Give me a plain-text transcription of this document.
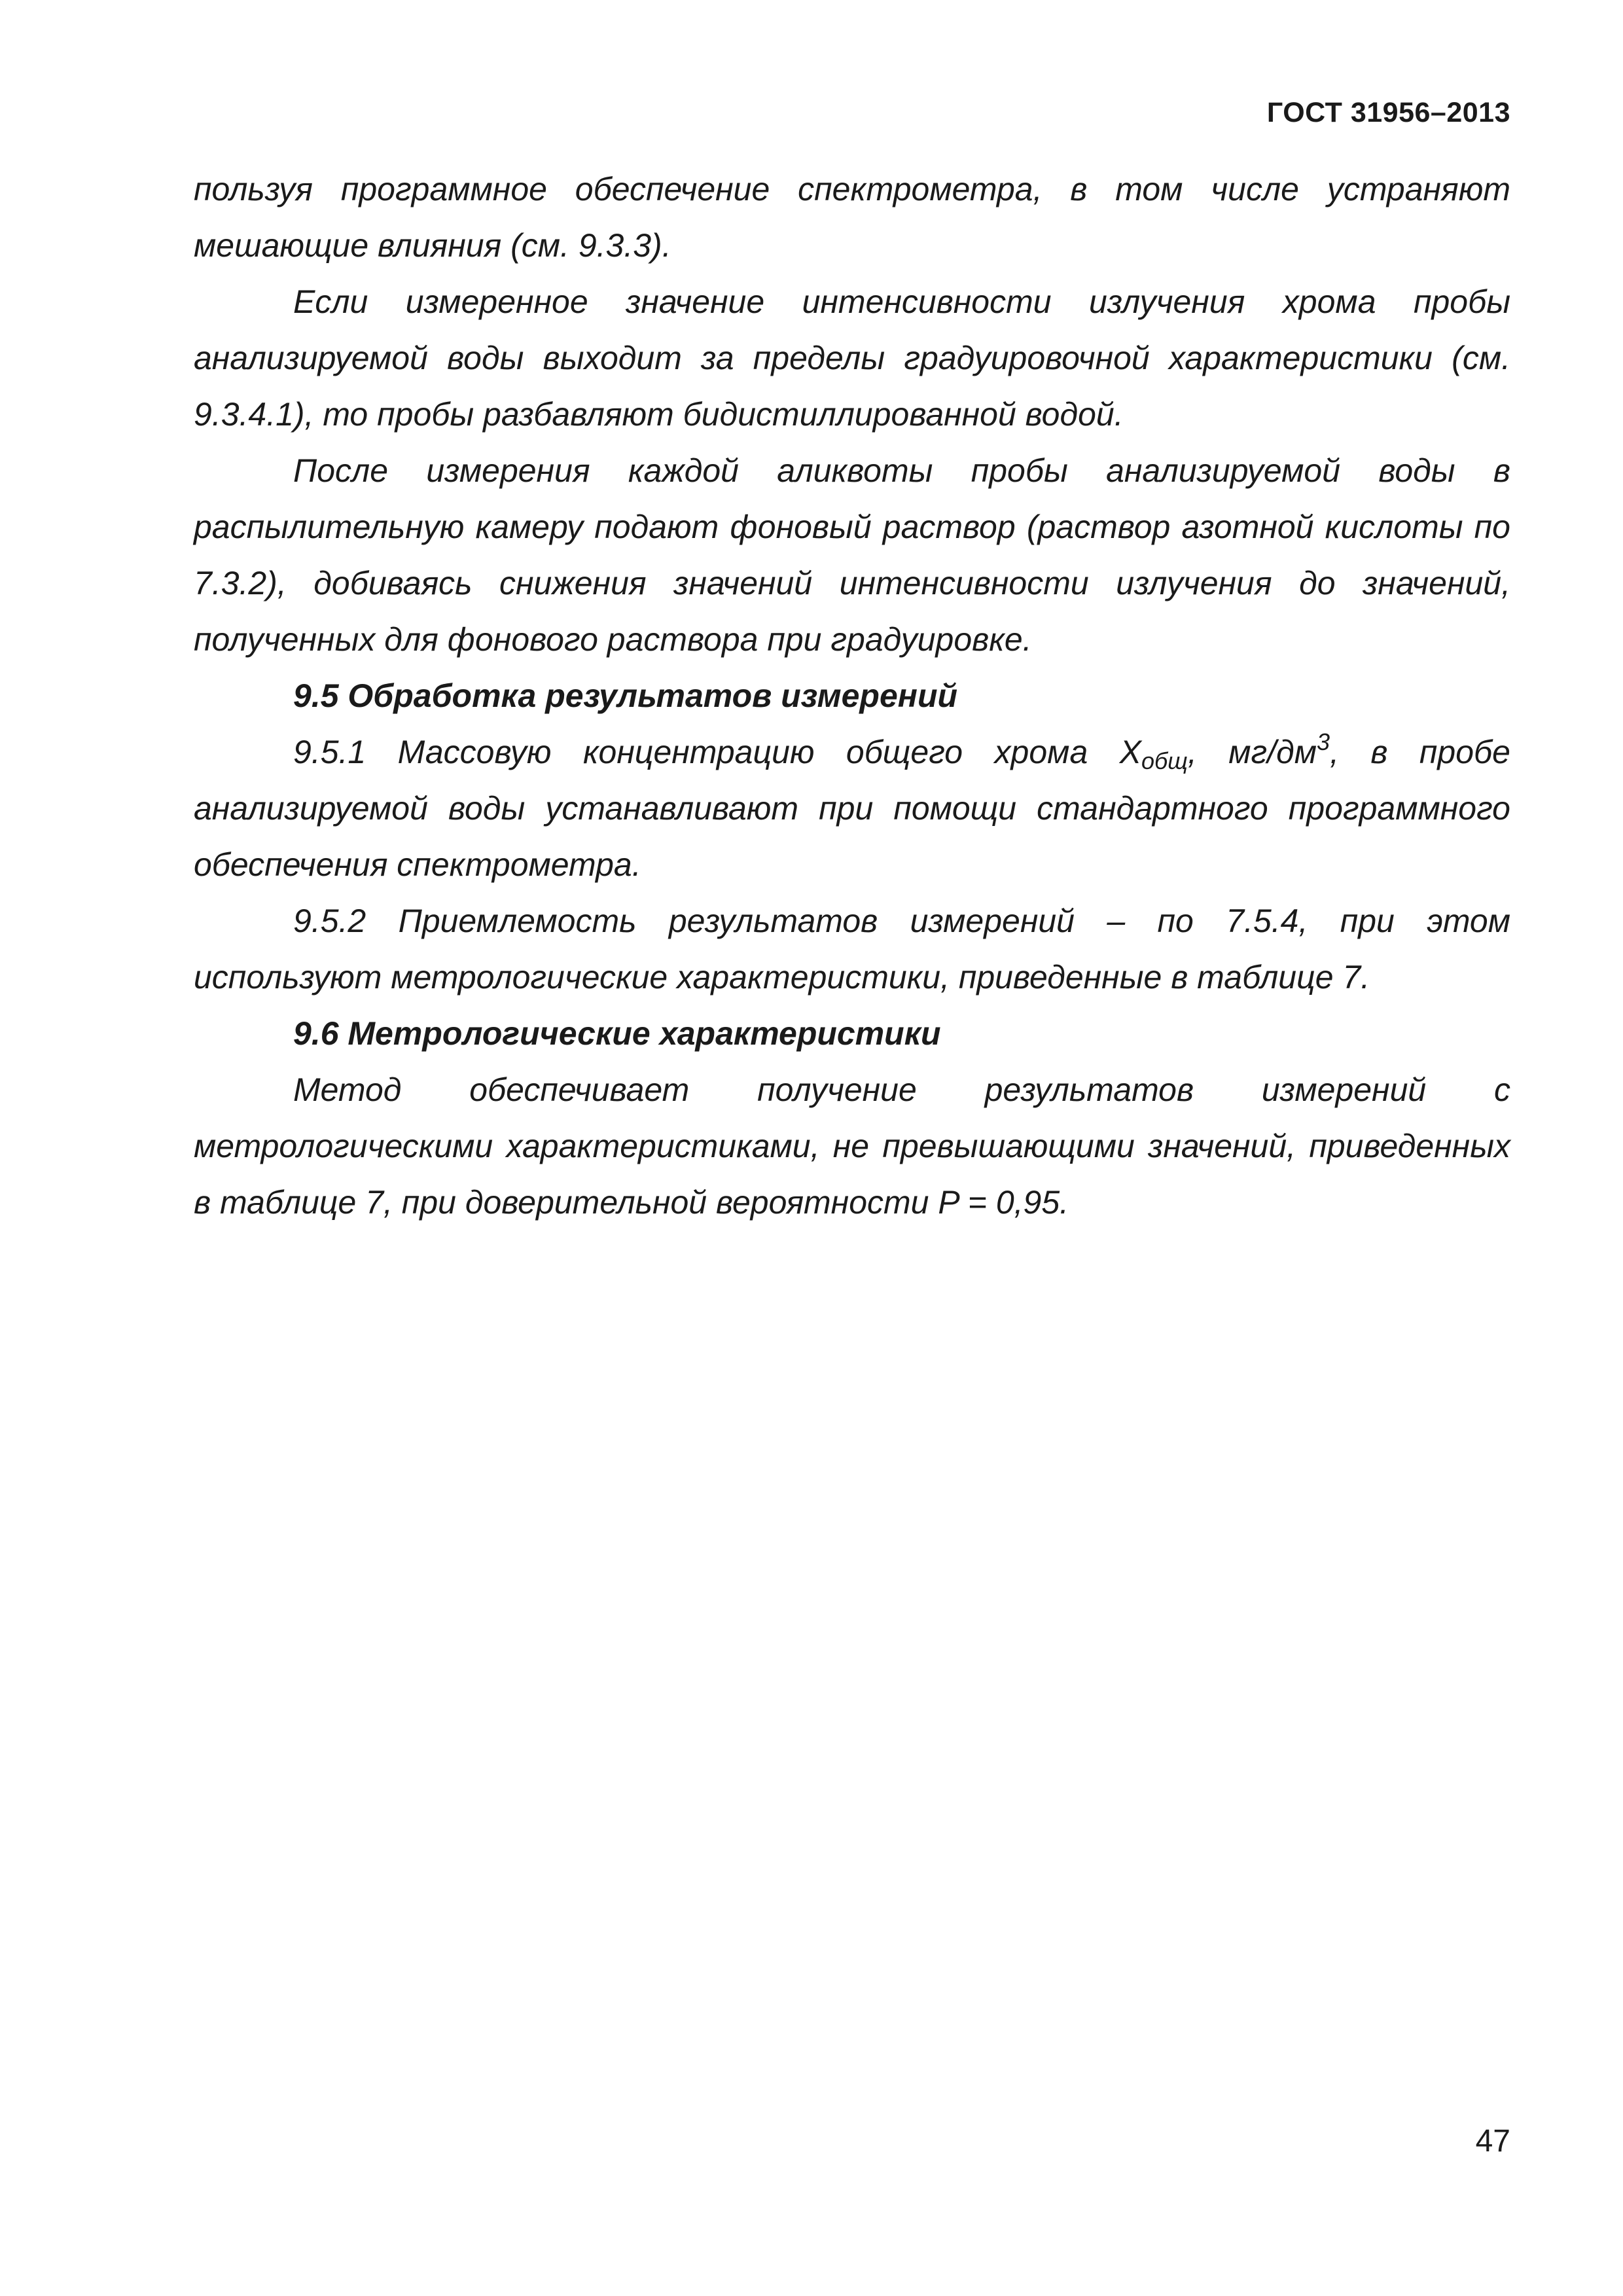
ГОСТ 31956–2013

пользуя программное обеспечение спектрометра, в том числе устраняют мешающие влияния (см. 9.3.3).

Если измеренное значение интенсивности излучения хрома пробы анализируемой воды выходит за пределы градуировочной характеристики (см. 9.3.4.1), то пробы разбавляют бидистиллированной водой.

После измерения каждой аликвоты пробы анализируемой воды в распылительную камеру подают фоновый раствор (раствор азотной кислоты по 7.3.2), добиваясь снижения значений интенсивности излучения до значений, полученных для фонового раствора при градуировке.

9.5 Обработка результатов измерений

9.5.1 Массовую концентрацию общего хрома $X_{общ}$, $мг/дм^3$, в пробе анализируемой воды устанавливают при помощи стандартного программного обеспечения спектрометра.

9.5.2 Приемлемость результатов измерений – по 7.5.4, при этом используют метрологические характеристики, приведенные в таблице 7.

9.6 Метрологические характеристики

Метод обеспечивает получение результатов измерений с метрологическими характеристиками, не превышающими значений, приведенных в таблице 7, при доверительной вероятности P = 0,95.

47
